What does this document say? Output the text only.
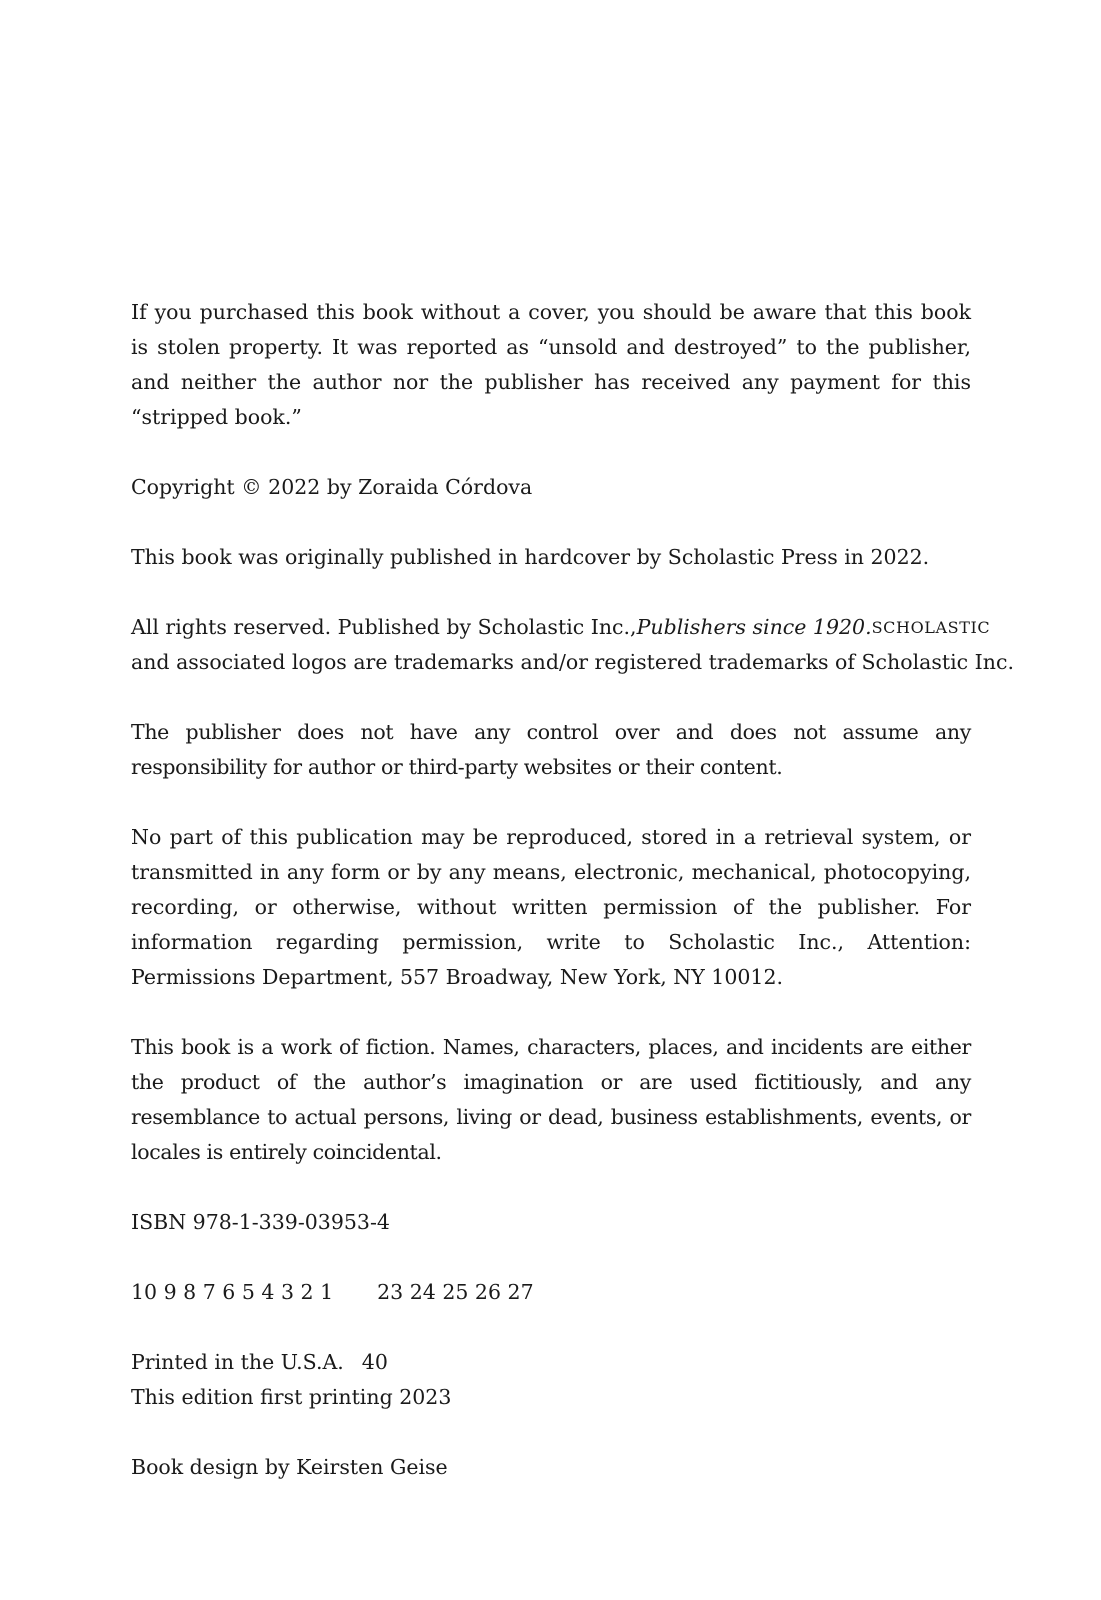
If you purchased this book without a cover, you should be aware that this book is stolen property. It was reported as “unsold and destroyed” to the publisher, and neither the author nor the publisher has received any payment for this “stripped book.”

Copyright © 2022 by Zoraida Córdova

This book was originally published in hardcover by Scholastic Press in 2022.

All rights reserved. Published by Scholastic Inc., Publishers since 1920. SCHOLASTIC
and associated logos are trademarks and/or registered trademarks of Scholastic Inc.

The publisher does not have any control over and does not assume any responsibility for author or third-party websites or their content.

No part of this publication may be reproduced, stored in a retrieval system, or transmitted in any form or by any means, electronic, mechanical, photocopying, recording, or otherwise, without written permission of the publisher. For information regarding permission, write to Scholastic Inc., Attention: Permissions Department, 557 Broadway, New York, NY 10012.

This book is a work of fiction. Names, characters, places, and incidents are either the product of the author’s imagination or are used fictitiously, and any resemblance to actual persons, living or dead, business establishments, events, or locales is entirely coincidental.

ISBN 978-1-339-03953-4

10 9 8 7 6 5 4 3 2 1 23 24 25 26 27

Printed in the U.S.A. 40
This edition first printing 2023

Book design by Keirsten Geise
